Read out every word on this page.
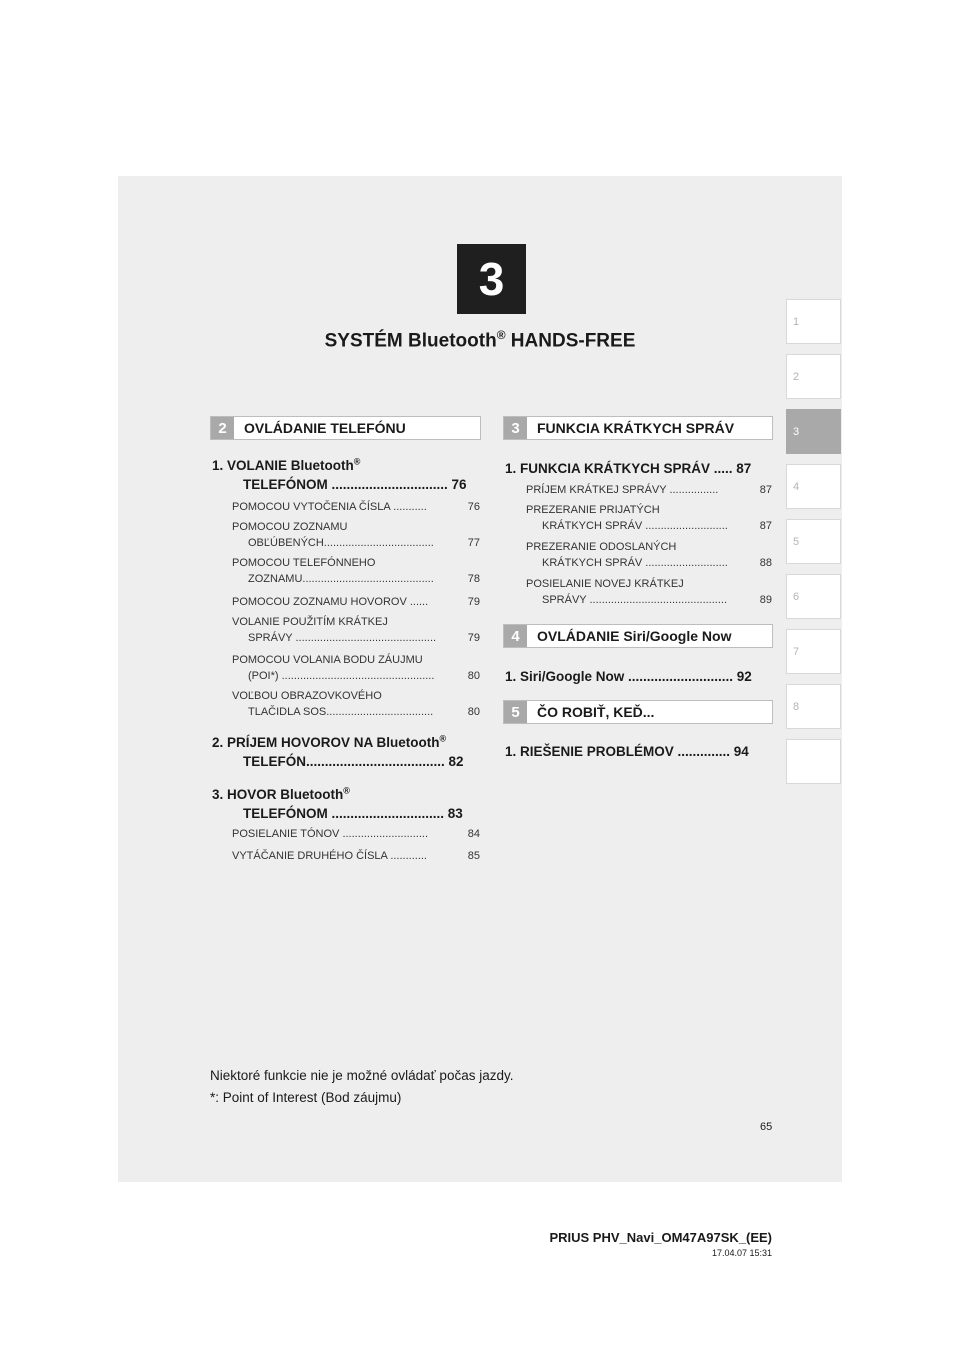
3
SYSTÉM Bluetooth® HANDS-FREE
1
2
3
4
5
6
7
8
2	OVLÁDANIE TELEFÓNU	3	FUNKCIA KRÁTKYCH SPRÁV
4	OVLÁDANIE Siri/Google Now
5	ČO ROBIŤ, KEĎ...
1. VOLANIE Bluetooth®
TELEFÓNOM ............................... 76
POMOCOU VYTOČENIA ČÍSLA ...........	76
POMOCOU ZOZNAMU
OBĽÚBENÝCH....................................	77
POMOCOU TELEFÓNNEHO
ZOZNAMU...........................................	78
POMOCOU ZOZNAMU HOVOROV ......	79
VOLANIE POUŽITÍM KRÁTKEJ
SPRÁVY ..............................................	79
POMOCOU VOLANIA BODU ZÁUJMU
(POI*) ..................................................	80
VOĽBOU OBRAZOVKOVÉHO
TLAČIDLA SOS...................................	80
2. PRÍJEM HOVOROV NA Bluetooth®
TELEFÓN..................................... 82
3. HOVOR Bluetooth®
TELEFÓNOM .............................. 83
POSIELANIE TÓNOV ............................	84
VYTÁČANIE DRUHÉHO ČÍSLA ............	85
1. FUNKCIA KRÁTKYCH SPRÁV ..... 87
PRÍJEM KRÁTKEJ SPRÁVY ................	87
PREZERANIE PRIJATÝCH
KRÁTKYCH SPRÁV ...........................	87
PREZERANIE ODOSLANÝCH
KRÁTKYCH SPRÁV ...........................	88
POSIELANIE NOVEJ KRÁTKEJ
SPRÁVY .............................................	89
1. Siri/Google Now ............................ 92
1. RIEŠENIE PROBLÉMOV .............. 94
Niektoré funkcie nie je možné ovládať počas jazdy.
*: Point of Interest (Bod záujmu)
65
PRIUS PHV_Navi_OM47A97SK_(EE)
17.04.07 15:31
